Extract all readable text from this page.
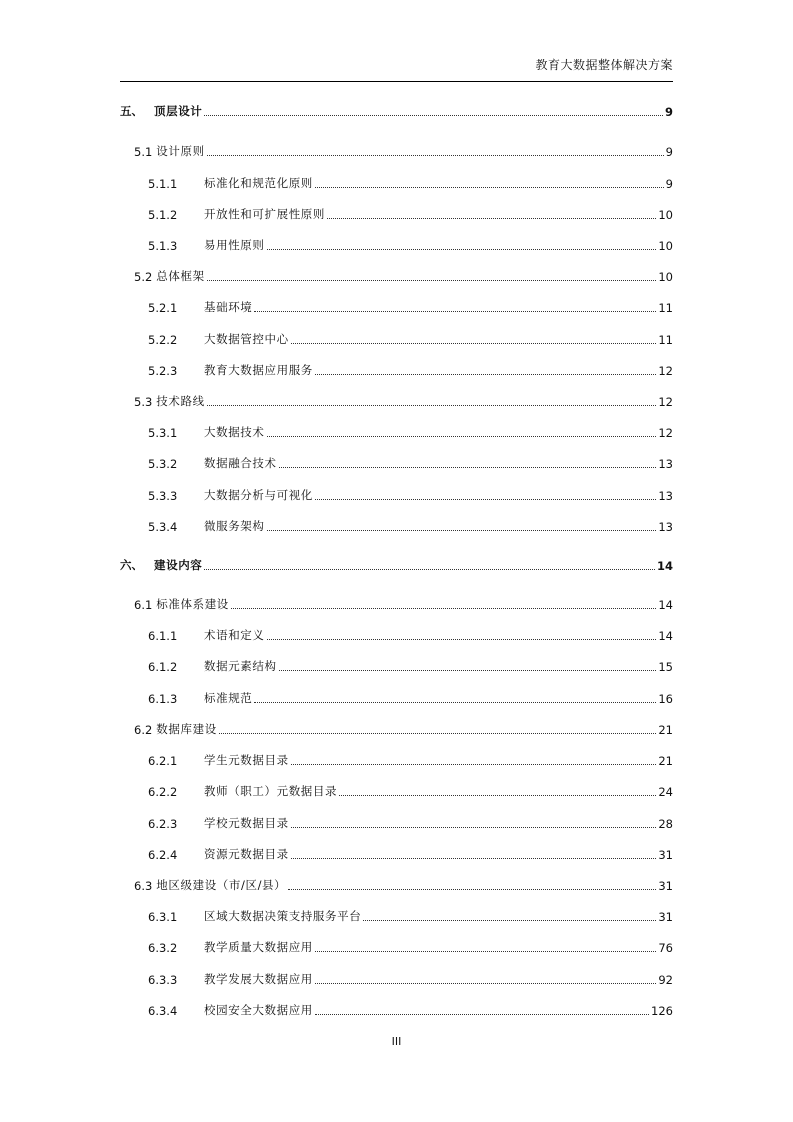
教育大数据整体解决方案
五、 顶层设计	9
5.1 设计原则	9
5.1.1	标准化和规范化原则	9
5.1.2	开放性和可扩展性原则	10
5.1.3	易用性原则	10
5.2 总体框架	10
5.2.1	基础环境	11
5.2.2	大数据管控中心	11
5.2.3	教育大数据应用服务	12
5.3 技术路线	12
5.3.1	大数据技术	12
5.3.2	数据融合技术	13
5.3.3	大数据分析与可视化	13
5.3.4	微服务架构	13
六、 建设内容	14
6.1 标准体系建设	14
6.1.1	术语和定义	14
6.1.2	数据元素结构	15
6.1.3	标准规范	16
6.2 数据库建设	21
6.2.1	学生元数据目录	21
6.2.2	教师（职工）元数据目录	24
6.2.3	学校元数据目录	28
6.2.4	资源元数据目录	31
6.3 地区级建设（市/区/县）	31
6.3.1	区域大数据决策支持服务平台	31
6.3.2	教学质量大数据应用	76
6.3.3	教学发展大数据应用	92
6.3.4	校园安全大数据应用	126
III
